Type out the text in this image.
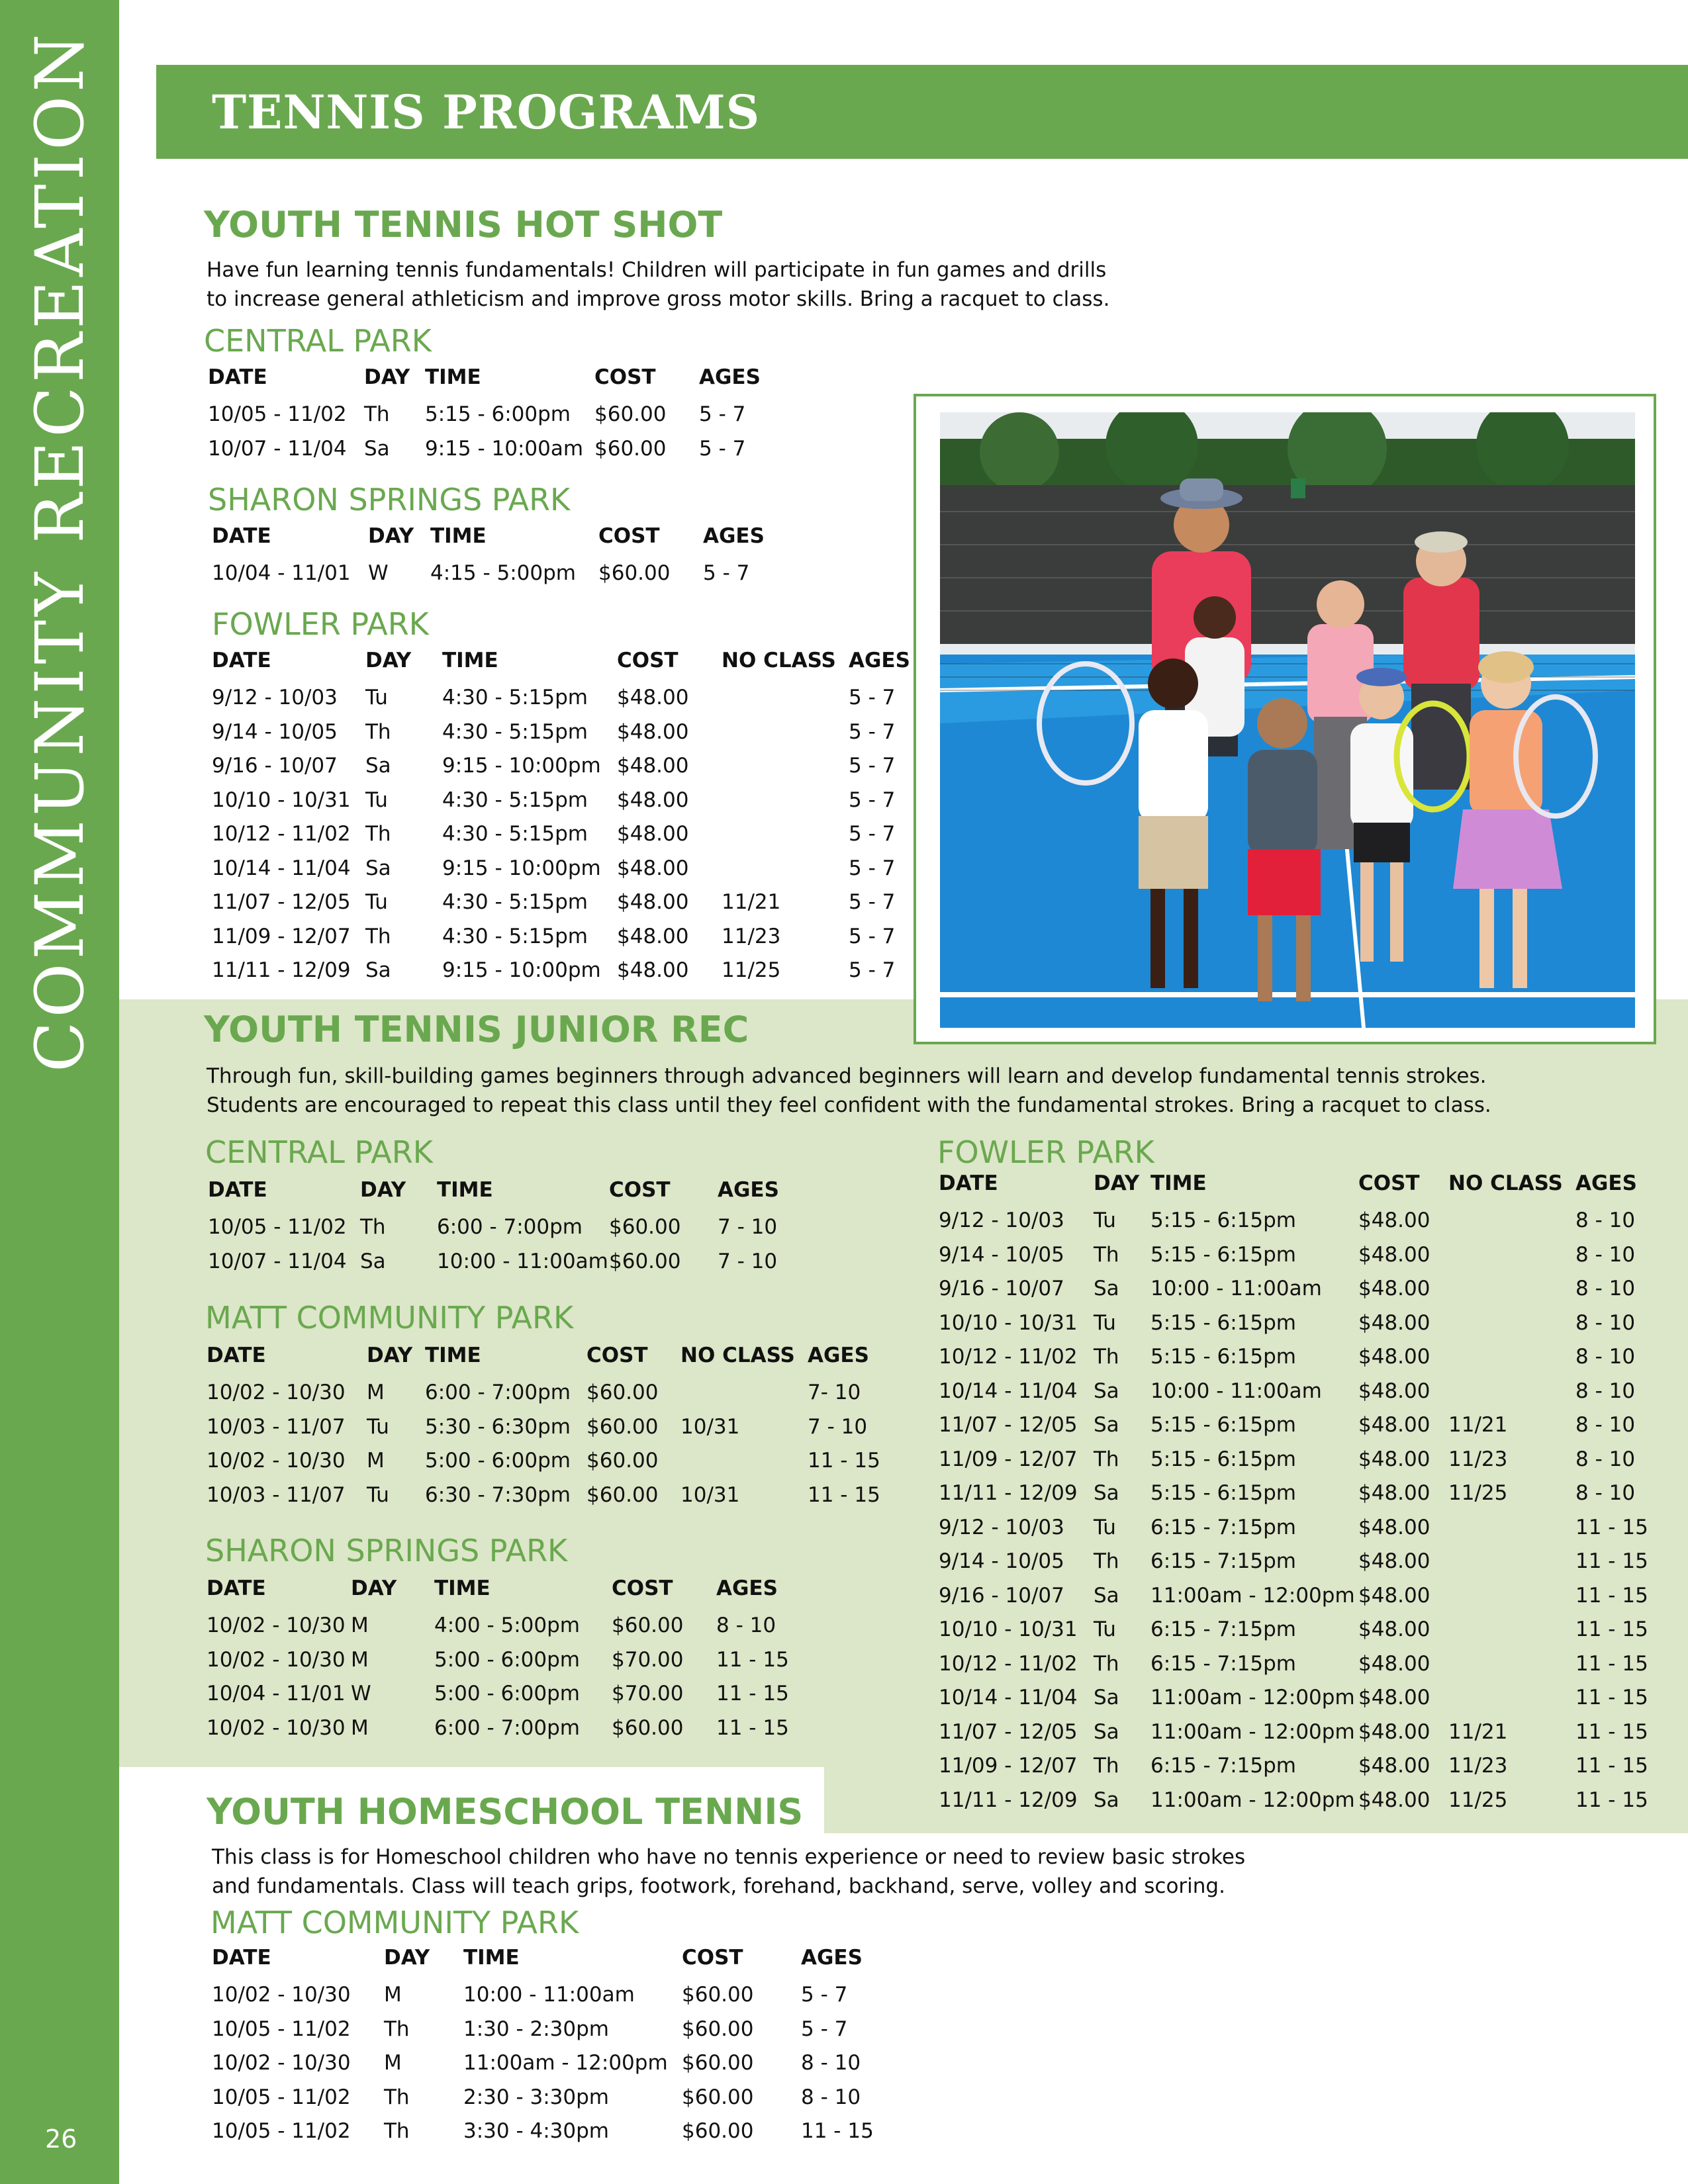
COMMUNITY RECREATION
26
TENNIS PROGRAMS
YOUTH TENNIS HOT SHOT
Have fun learning tennis fundamentals! Children will participate in fun games and drills
to increase general athleticism and improve gross motor skills. Bring a racquet to class.
CENTRAL PARK
DATE	DAY TIME	COST AGES
10/05 - 11/02 Th 5:15 - 6:00pm $60.00 5 - 7
10/07 - 11/04 Sa 9:15 - 10:00am $60.00 5 - 7
SHARON SPRINGS PARK
DATE	DAY TIME	COST AGES
10/04 - 11/01 W 4:15 - 5:00pm $60.00 5 - 7
FOWLER PARK
DATE	DAY TIME	COST NO CLASS AGES
9/12 - 10/03 Tu	4:30 - 5:15pm $48.00	5 - 7
9/14 - 10/05 Th 4:30 - 5:15pm $48.00	5 - 7
9/16 - 10/07 Sa 9:15 - 10:00pm $48.00	5 - 7
10/10 - 10/31 Tu	4:30 - 5:15pm $48.00	5 - 7
10/12 - 11/02 Th 4:30 - 5:15pm $48.00	5 - 7
10/14 - 11/04 Sa 9:15 - 10:00pm $48.00	5 - 7
11/07 - 12/05 Tu	4:30 - 5:15pm $48.00 11/21	5 - 7
11/09 - 12/07 Th 4:30 - 5:15pm $48.00 11/23	5 - 7
11/11 - 12/09 Sa 9:15 - 10:00pm $48.00 11/25	5 - 7
YOUTH TENNIS JUNIOR REC
Through fun, skill-building games beginners through advanced beginners will learn and develop fundamental tennis strokes.
Students are encouraged to repeat this class until they feel confident with the fundamental strokes. Bring a racquet to class.
CENTRAL PARK
DATE	DAY TIME	COST AGES
10/05 - 11/02 Th 6:00 - 7:00pm $60.00 7 - 10
10/07 - 11/04 Sa 10:00 - 11:00am $60.00 7 - 10
MATT COMMUNITY PARK
DATE	DAY TIME	COST NO CLASS AGES
10/02 - 10/30 M 6:00 - 7:00pm $60.00	7- 10
10/03 - 11/07 Tu 5:30 - 6:30pm $60.00 10/31	7 - 10
10/02 - 10/30 M 5:00 - 6:00pm $60.00	11 - 15
10/03 - 11/07 Tu 6:30 - 7:30pm $60.00 10/31	11 - 15
SHARON SPRINGS PARK
DATE	DAY TIME	COST AGES
10/02 - 10/30 M	4:00 - 5:00pm $60.00 8 - 10
10/02 - 10/30 M	5:00 - 6:00pm $70.00 11 - 15
10/04 - 11/01 W	5:00 - 6:00pm $70.00 11 - 15
10/02 - 10/30 M	6:00 - 7:00pm $60.00 11 - 15
FOWLER PARK
DATE	DAY TIME	COST NO CLASS AGES
9/12 - 10/03 Tu 5:15 - 6:15pm	$48.00	8 - 10
9/14 - 10/05 Th 5:15 - 6:15pm	$48.00	8 - 10
9/16 - 10/07 Sa 10:00 - 11:00am $48.00	8 - 10
10/10 - 10/31 Tu 5:15 - 6:15pm	$48.00	8 - 10
10/12 - 11/02 Th 5:15 - 6:15pm	$48.00	8 - 10
10/14 - 11/04 Sa 10:00 - 11:00am $48.00	8 - 10
11/07 - 12/05 Sa 5:15 - 6:15pm	$48.00 11/21	8 - 10
11/09 - 12/07 Th 5:15 - 6:15pm	$48.00 11/23	8 - 10
11/11 - 12/09 Sa 5:15 - 6:15pm	$48.00 11/25	8 - 10
9/12 - 10/03 Tu 6:15 - 7:15pm	$48.00	11 - 15
9/14 - 10/05 Th 6:15 - 7:15pm	$48.00	11 - 15
9/16 - 10/07 Sa 11:00am - 12:00pm $48.00	11 - 15
10/10 - 10/31 Tu 6:15 - 7:15pm	$48.00	11 - 15
10/12 - 11/02 Th 6:15 - 7:15pm	$48.00	11 - 15
10/14 - 11/04 Sa 11:00am - 12:00pm $48.00	11 - 15
11/07 - 12/05 Sa 11:00am - 12:00pm $48.00 11/21	11 - 15
11/09 - 12/07 Th 6:15 - 7:15pm	$48.00 11/23	11 - 15
11/11 - 12/09 Sa 11:00am - 12:00pm $48.00 11/25	11 - 15
YOUTH HOMESCHOOL TENNIS
This class is for Homeschool children who have no tennis experience or need to review basic strokes
and fundamentals. Class will teach grips, footwork, forehand, backhand, serve, volley and scoring.
MATT COMMUNITY PARK
DATE	DAY TIME	COST	AGES
10/02 - 10/30 M	10:00 - 11:00am $60.00 5 - 7
10/05 - 11/02 Th	1:30 - 2:30pm	$60.00 5 - 7
10/02 - 10/30 M	11:00am - 12:00pm $60.00 8 - 10
10/05 - 11/02 Th	2:30 - 3:30pm	$60.00 8 - 10
10/05 - 11/02 Th	3:30 - 4:30pm	$60.00 11 - 15
